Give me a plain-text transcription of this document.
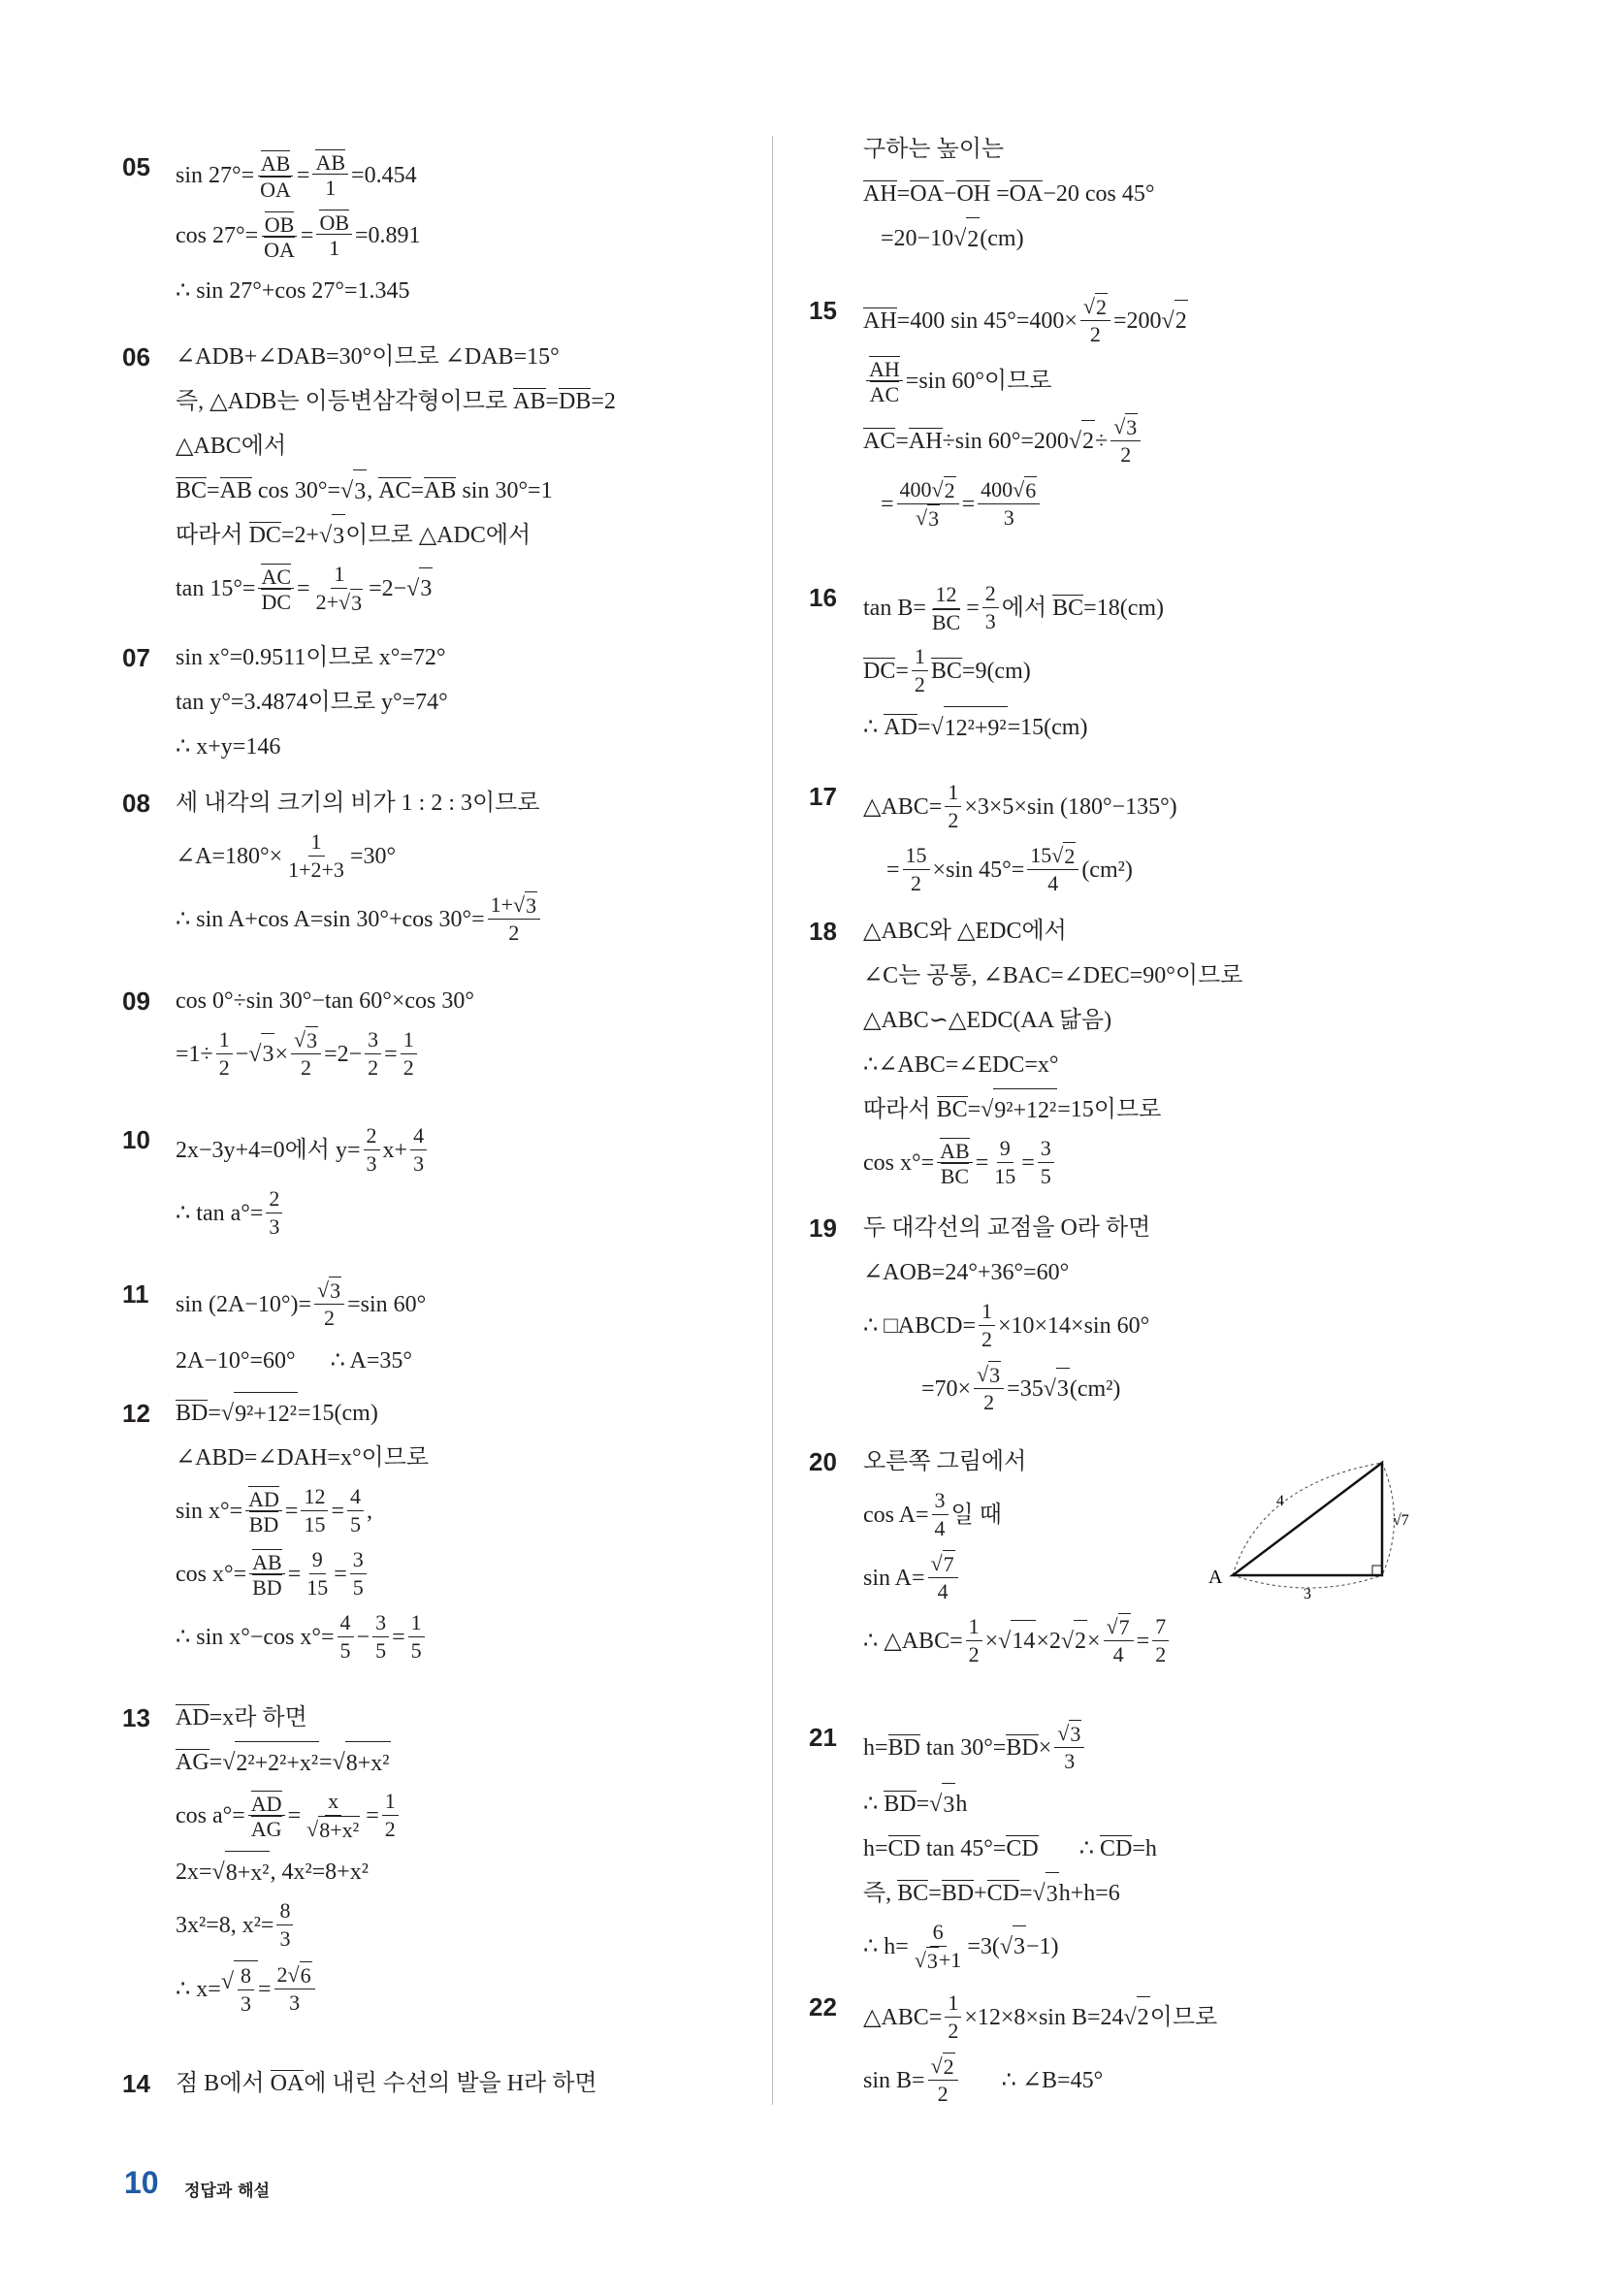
05 $\sin 27^\circ= \frac{AB}{OA} = \frac{AB}{1} =0.454$
$\cos 27^\circ= \frac{OB}{OA} = \frac{OB}{1} =0.891$
∴ sin 27°+cos 27°=1.345
06 ∠ADB+∠DAB=30°이므로 ∠DAB=15°
즉, △ADB는 이등변삼각형이므로 AB = DB =2
△ABC에서
BC = AB cos 30°= √ 3 , AC = AB sin 30°=1
따라서 DC =2+ √ 3 이므로 △ADC에서
$\tan 15^\circ= \frac{AC}{DC} = \frac{1}{2+ √ 3} =2-$ √ 3
07 sin x°=0.9511이므로 x°=72°
tan y°=3.4874이므로 y°=74°
∴ x+y=146
08 세 내각의 크기의 비가 1 : 2 : 3이므로
∠A=180°× $\frac{1}{1+2+3} =30^\circ$
∴ sin A+cos A=sin 30°+cos $30^\circ= \frac{1+ √ 3}{2}$
09 cos 0°÷sin 30°−tan 60°×cos 30°
$=1\div \frac{1}{2}$ − √ $3 \times \frac{√ 3}{2} =2- \frac{3}{2} = \frac{1}{2}$
10 2x−3y+4=0에서 $y= \frac{2}{3} x+ \frac{4}{3}$
∴ $\tan a^\circ= \frac{2}{3}$
11 $\sin (2A-10^\circ)= \frac{√ 3}{2} =\sin$ 60°
2A−10°=60°      ∴ A=35°
12 BD = √ 9²+12² =15(cm)
∠ABD=∠DAH=x°이므로
$\sin x^\circ= \frac{AD}{BD} = \frac{12}{15} = \frac{4}{5}$ ,
$\cos x^\circ= \frac{AB}{BD} = \frac{9}{15} = \frac{3}{5}$
∴ sin x°−cos $x^\circ= \frac{4}{5} - \frac{3}{5} = \frac{1}{5}$
13 AD =x라 하면
AG = √ 2²+2²+x² = √ 8+x²
$\cos a^\circ= \frac{AD}{AG} = \frac{x}{\text{√ 8+x²}} = \frac{1}{2}$
2x= √ 8+x² , 4x²=8+x²
3x²=8, $x^2= \frac{8}{3}$
∴ x= √ $\frac{8}{3} = \frac{2 √ 6}{3}$
14 점 B에서 OA 에 내린 수선의 발을 H라 하면
구하는 높이는
AH = OA − OH = OA −20 cos 45°
=20−10 √ 2 (cm)
15 AH =400 $\sin 45^\circ=400\times \frac{√ 2}{2} =200$ √ 2
$\frac{AH}{AC} =\sin$ 60°이므로
AC = AH ÷sin 60°=200 √ $2 \div \frac{√ 3}{2}$
= $\frac{400 √ 2}{√ 3} = \frac{400 √ 6}{3}$
16 $\tan B= \frac{12}{BC} = \frac{2}{3}$ 에서 BC =18(cm)
DC = $\frac{1}{2}$ BC =9(cm)
∴ AD = √ 12²+9² =15(cm)
17 △ABC= $\frac{1}{2} \times 3\times 5\times\sin$ (180°−135°)
= $\frac{15}{2} \times\sin$ $45^\circ= \frac{15 √ 2}{4} (cm^2)$
18 △ABC와 △EDC에서
∠C는 공통, ∠BAC=∠DEC=90°이므로
△ABC∽△EDC(AA 닮음)
∴∠ABC=∠EDC=x°
따라서 BC = √ 9²+12² =15이므로
$\cos x^\circ= \frac{AB}{BC} = \frac{9}{15} = \frac{3}{5}$
19 두 대각선의 교점을 O라 하면
∠AOB=24°+36°=60°
∴ □ABCD= $\frac{1}{2} \times 10\times 14\times\sin$ 60°
$=70\times \frac{√ 3}{2} =35$ √ 3 (cm²)
20 오른쪽 그림에서
$\cos A= \frac{3}{4}$ 일 때
$\sin A= \frac{√ 7}{4}$
∴ △ABC= $\frac{1}{2}$ × √ 14 ×2 √ $2 \times \frac{√ 7}{4} = \frac{7}{2}$
21 h= BD tan 30°= BD × $\frac{√ 3}{3}$
∴ BD = √ 3 h
h= CD tan 45°= CD ∴ CD =h
즉, BC = BD + CD = √ 3 h+h=6
∴ $h= \frac{6}{√ 3 +1} =3$( √ 3 −1)
22 △ABC= $\frac{1}{2} \times 12\times 8\times\sin$ B=24 √ 2 이므로
$\sin B= \frac{√ 2}{2}$ ∴ ∠B=45°
A
4
3
√7
10 정답과 해설
